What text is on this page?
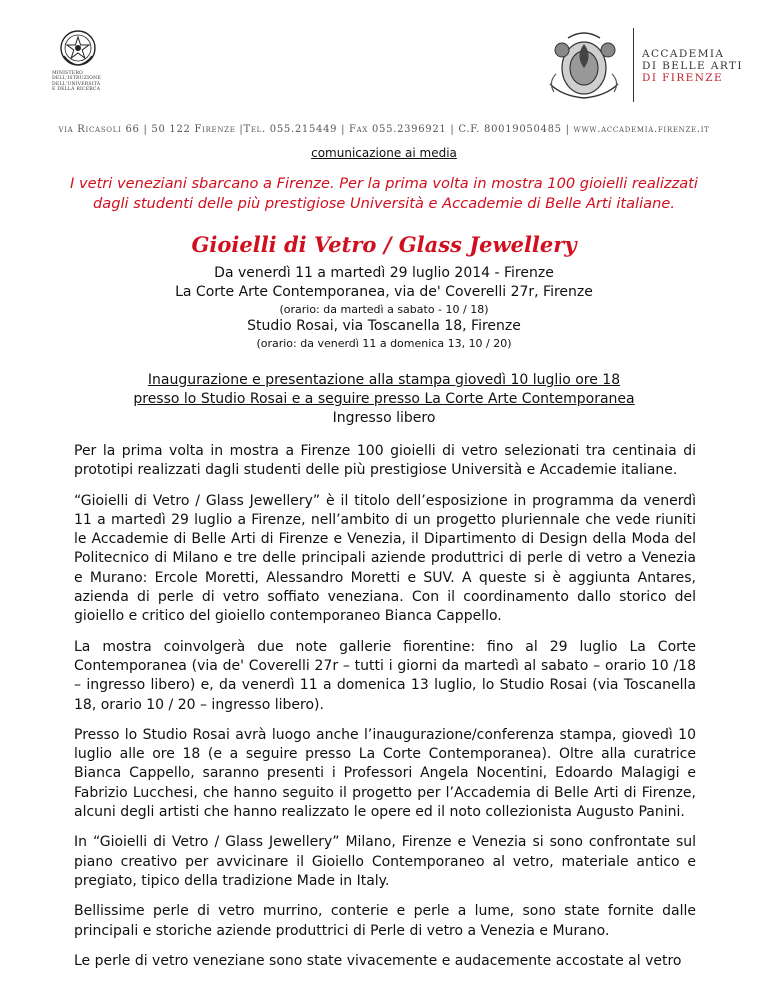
MINISTERO
DELL'ISTRUZIONE
DELL'UNIVERSITÀ
E DELLA RICERCA
ACCADEMIA
DI BELLE ARTI
DI FIRENZE
via Ricasoli 66 | 50 122 Firenze |Tel. 055.215449 | Fax 055.2396921 | C.F. 80019050485 | www.accademia.firenze.it
comunicazione ai media
I vetri veneziani sbarcano a Firenze. Per la prima volta in mostra 100 gioielli realizzati dagli studenti delle più prestigiose Università e Accademie di Belle Arti italiane.
Gioielli di Vetro / Glass Jewellery
Da venerdì 11 a martedì 29 luglio 2014 - Firenze
La Corte Arte Contemporanea, via de' Coverelli 27r, Firenze
(orario: da martedì a sabato - 10 / 18)
Studio Rosai, via Toscanella 18, Firenze
(orario: da venerdì 11 a domenica 13, 10 / 20)
Inaugurazione e presentazione alla stampa giovedì 10 luglio ore 18
presso lo Studio Rosai e a seguire presso La Corte Arte Contemporanea
Ingresso libero

Per la prima volta in mostra a Firenze 100 gioielli di vetro selezionati tra centinaia di prototipi realizzati dagli studenti delle più prestigiose Università e Accademie italiane.

“Gioielli di Vetro / Glass Jewellery” è il titolo dell’esposizione in programma da venerdì 11 a martedì 29 luglio a Firenze, nell’ambito di un progetto pluriennale che vede riuniti le Accademie di Belle Arti di Firenze e Venezia, il Dipartimento di Design della Moda del Politecnico di Milano e tre delle principali aziende produttrici di perle di vetro a Venezia e Murano: Ercole Moretti, Alessandro Moretti e SUV. A queste si è aggiunta Antares, azienda di perle di vetro soffiato veneziana. Con il coordinamento dallo storico del gioiello e critico del gioiello contemporaneo Bianca Cappello.

La mostra coinvolgerà due note gallerie fiorentine: fino al 29 luglio La Corte Contemporanea (via de' Coverelli 27r – tutti i giorni da martedì al sabato – orario 10 /18 – ingresso libero) e, da venerdì 11 a domenica 13 luglio, lo Studio Rosai (via Toscanella 18, orario 10 / 20 – ingresso libero).

Presso lo Studio Rosai avrà luogo anche l’inaugurazione/conferenza stampa, giovedì 10 luglio alle ore 18 (e a seguire presso La Corte Contemporanea). Oltre alla curatrice Bianca Cappello, saranno presenti i Professori Angela Nocentini, Edoardo Malagigi e Fabrizio Lucchesi, che hanno seguito il progetto per l’Accademia di Belle Arti di Firenze, alcuni degli artisti che hanno realizzato le opere ed il noto collezionista Augusto Panini.

In “Gioielli di Vetro / Glass Jewellery” Milano, Firenze e Venezia si sono confrontate sul piano creativo per avvicinare il Gioiello Contemporaneo al vetro, materiale antico e pregiato, tipico della tradizione Made in Italy.

Bellissime perle di vetro murrino, conterie e perle a lume, sono state fornite dalle principali e storiche aziende produttrici di Perle di vetro a Venezia e Murano.

Le perle di vetro veneziane sono state vivacemente e audacemente accostate al vetro
